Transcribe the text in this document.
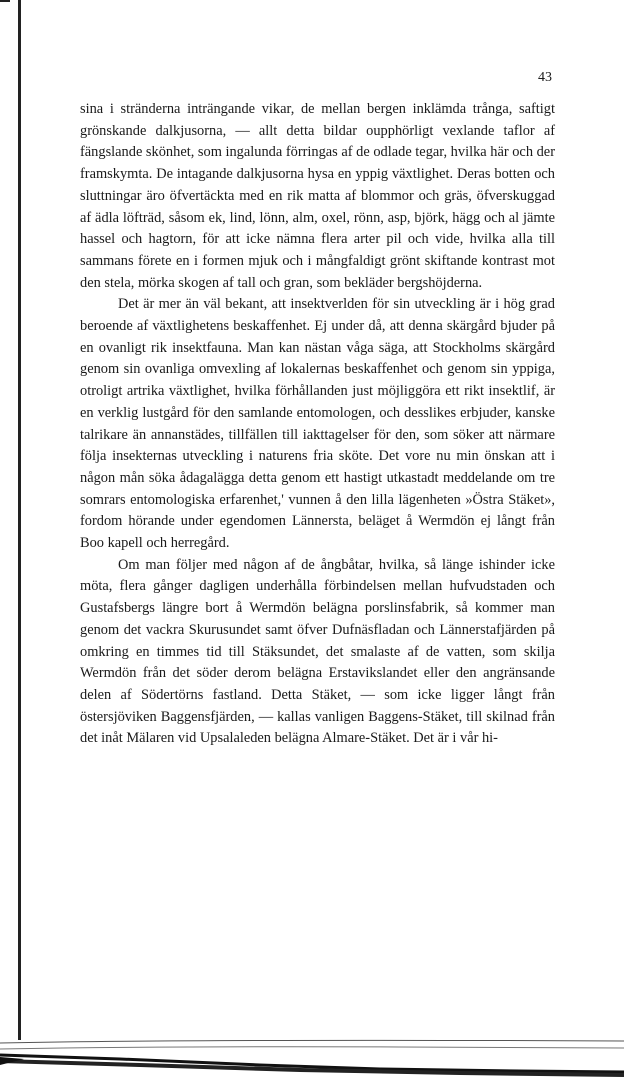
43

sina i stränderna inträngande vikar, de mellan bergen inklämda trånga, saftigt grönskande dalkjusorna, — allt detta bildar oupphörligt vexlande taflor af fängslande skönhet, som ingalunda förringas af de odlade tegar, hvilka här och der framskymta. De intagande dalkjusorna hysa en yppig växtlighet. Deras botten och sluttningar äro öfvertäckta med en rik matta af blommor och gräs, öfverskuggad af ädla löfträd, såsom ek, lind, lönn, alm, oxel, rönn, asp, björk, hägg och al jämte hassel och hagtorn, för att icke nämna flera arter pil och vide, hvilka alla till sammans förete en i formen mjuk och i mångfaldigt grönt skiftande kontrast mot den stela, mörka skogen af tall och gran, som bekläder bergshöjderna.

Det är mer än väl bekant, att insektverlden för sin utveckling är i hög grad beroende af växtlighetens beskaffenhet. Ej under då, att denna skärgård bjuder på en ovanligt rik insektfauna. Man kan nästan våga säga, att Stockholms skärgård genom sin ovanliga omvexling af lokalernas beskaffenhet och genom sin yppiga, otroligt artrika växtlighet, hvilka förhållanden just möjliggöra ett rikt insektlif, är en verklig lustgård för den samlande entomologen, och desslikes erbjuder, kanske talrikare än annanstädes, tillfällen till iakttagelser för den, som söker att närmare följa insekternas utveckling i naturens fria sköte. Det vore nu min önskan att i någon mån söka ådagalägga detta genom ett hastigt utkastadt meddelande om tre somrars entomologiska erfarenhet,' vunnen å den lilla lägenheten »Östra Stäket», fordom hörande under egendomen Lännersta, beläget å Wermdön ej långt från Boo kapell och herregård.

Om man följer med någon af de ångbåtar, hvilka, så länge ishinder icke möta, flera gånger dagligen underhålla förbindelsen mellan hufvudstaden och Gustafsbergs längre bort å Wermdön belägna porslinsfabrik, så kommer man genom det vackra Skurusundet samt öfver Dufnäsfladan och Lännerstafjärden på omkring en timmes tid till Stäksundet, det smalaste af de vatten, som skilja Wermdön från det söder derom belägna Erstavikslandet eller den angränsande delen af Södertörns fastland. Detta Stäket, — som icke ligger långt från östersjöviken Baggensfjärden, — kallas vanligen Baggens-Stäket, till skilnad från det inåt Mälaren vid Upsalaleden belägna Almare-Stäket. Det är i vår hi-
